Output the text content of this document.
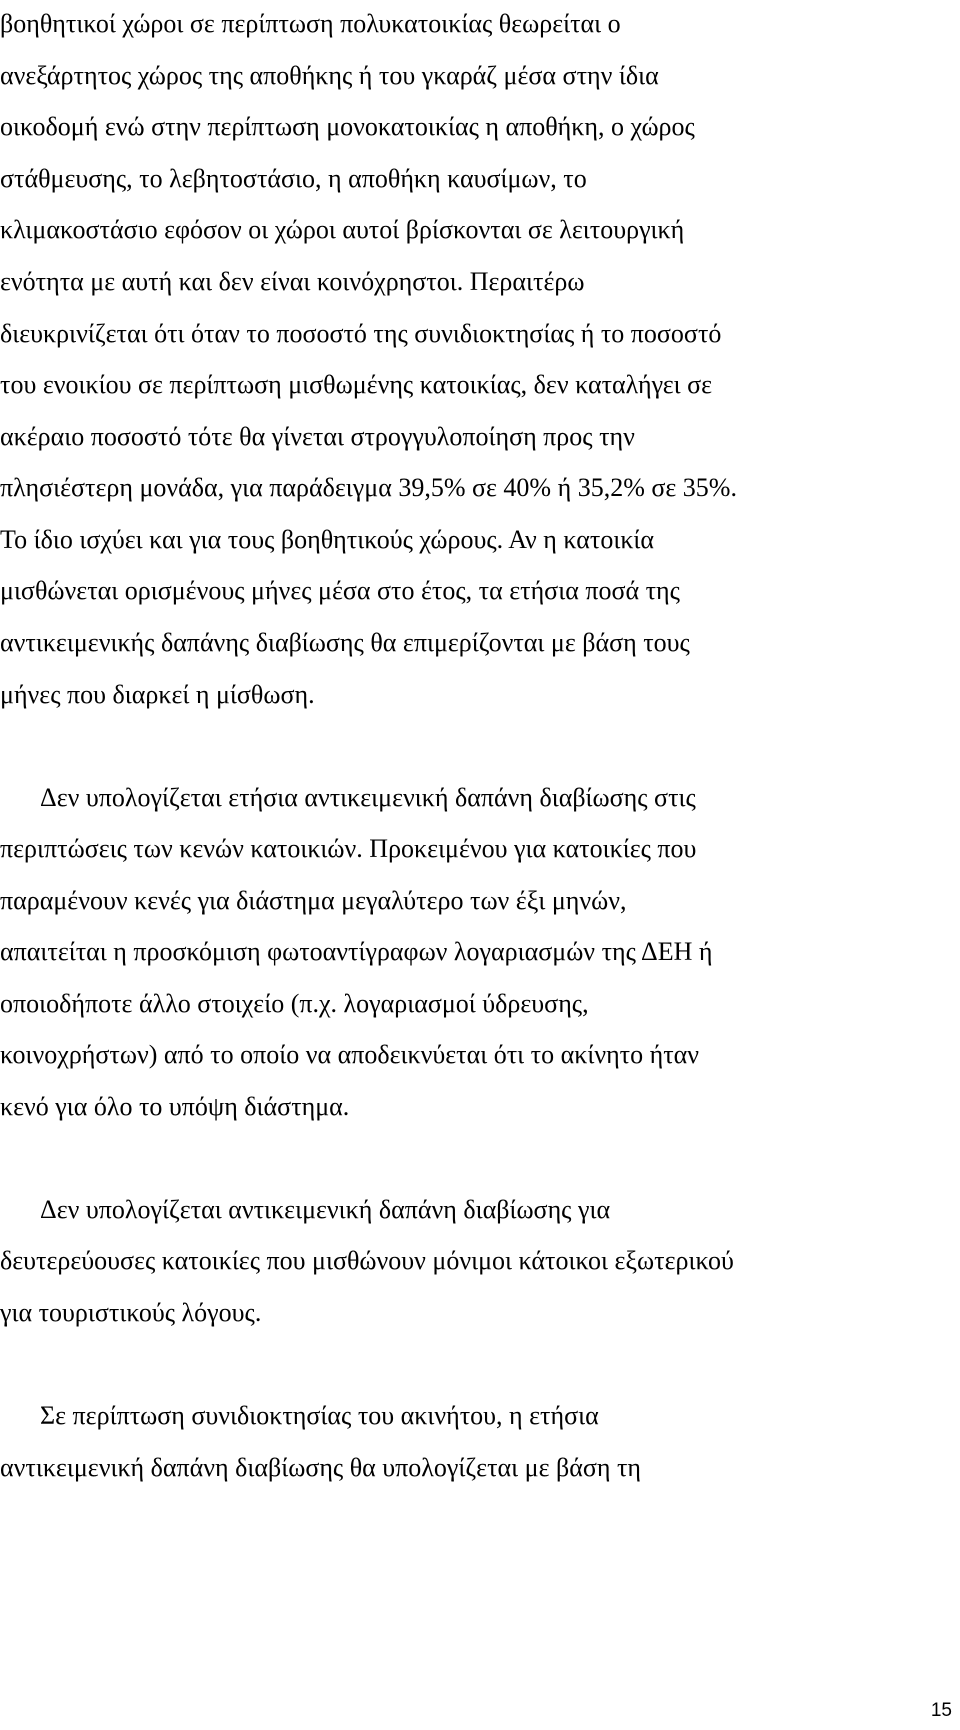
βοηθητικοί χώροι σε περίπτωση πολυκατοικίας θεωρείται ο
ανεξάρτητος χώρος της αποθήκης ή του γκαράζ μέσα στην ίδια
οικοδομή ενώ στην περίπτωση μονοκατοικίας η αποθήκη, ο χώρος
στάθμευσης, το λεβητοστάσιο, η αποθήκη καυσίμων, το
κλιμακοστάσιο εφόσον οι χώροι αυτοί βρίσκονται σε λειτουργική
ενότητα με αυτή και δεν είναι κοινόχρηστοι. Περαιτέρω
διευκρινίζεται ότι όταν το ποσοστό της συνιδιοκτησίας ή το ποσοστό
του ενοικίου σε περίπτωση μισθωμένης κατοικίας, δεν καταλήγει σε
ακέραιο ποσοστό τότε θα γίνεται στρογγυλοποίηση προς την
πλησιέστερη μονάδα, για παράδειγμα 39,5% σε 40% ή 35,2% σε 35%.
Το ίδιο ισχύει και για τους βοηθητικούς χώρους. Αν η κατοικία
μισθώνεται ορισμένους μήνες μέσα στο έτος, τα ετήσια ποσά της
αντικειμενικής δαπάνης διαβίωσης θα επιμερίζονται με βάση τους
μήνες που διαρκεί η μίσθωση.
Δεν υπολογίζεται ετήσια αντικειμενική δαπάνη διαβίωσης στις
περιπτώσεις των κενών κατοικιών. Προκειμένου για κατοικίες που
παραμένουν κενές για διάστημα μεγαλύτερο των έξι μηνών,
απαιτείται η προσκόμιση φωτοαντίγραφων λογαριασμών της ΔΕΗ ή
οποιοδήποτε άλλο στοιχείο (π.χ. λογαριασμοί ύδρευσης,
κοινοχρήστων) από το οποίο να αποδεικνύεται ότι το ακίνητο ήταν
κενό για όλο το υπόψη διάστημα.
Δεν υπολογίζεται αντικειμενική δαπάνη διαβίωσης για
δευτερεύουσες κατοικίες που μισθώνουν μόνιμοι κάτοικοι εξωτερικού
για τουριστικούς λόγους.
Σε περίπτωση συνιδιοκτησίας του ακινήτου, η ετήσια
αντικειμενική δαπάνη διαβίωσης θα υπολογίζεται με βάση τη
15
